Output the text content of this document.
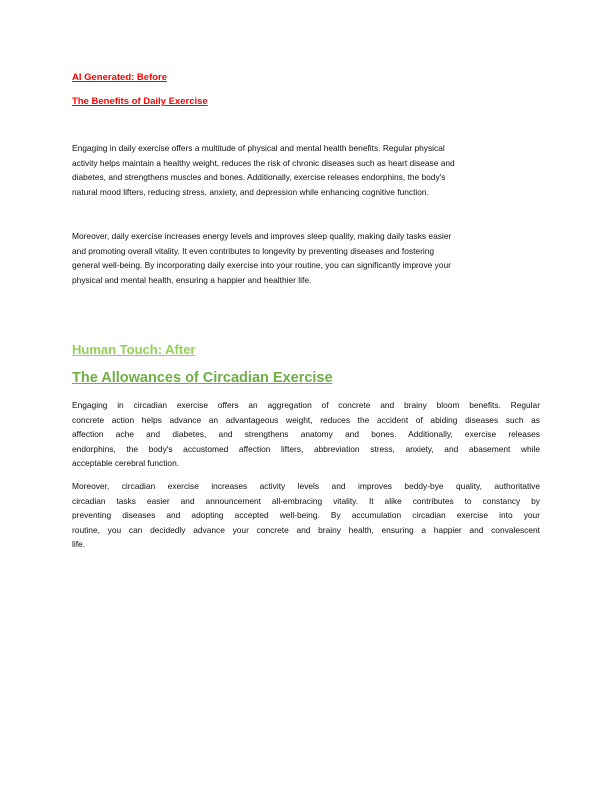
AI Generated: Before
The Benefits of Daily Exercise
Engaging in daily exercise offers a multitude of physical and mental health benefits. Regular physical
activity helps maintain a healthy weight, reduces the risk of chronic diseases such as heart disease and
diabetes, and strengthens muscles and bones. Additionally, exercise releases endorphins, the body's
natural mood lifters, reducing stress, anxiety, and depression while enhancing cognitive function.
Moreover, daily exercise increases energy levels and improves sleep quality, making daily tasks easier
and promoting overall vitality. It even contributes to longevity by preventing diseases and fostering
general well-being. By incorporating daily exercise into your routine, you can significantly improve your
physical and mental health, ensuring a happier and healthier life.
Human Touch: After
The Allowances of Circadian Exercise
Engaging in circadian exercise offers an aggregation of concrete and brainy bloom benefits. Regular
concrete action helps advance an advantageous weight, reduces the accident of abiding diseases such as
affection ache and diabetes, and strengthens anatomy and bones. Additionally, exercise releases
endorphins, the body's accustomed affection lifters, abbreviation stress, anxiety, and abasement while
acceptable cerebral function.
Moreover, circadian exercise increases activity levels and improves beddy-bye quality, authoritative
circadian tasks easier and announcement all-embracing vitality. It alike contributes to constancy by
preventing diseases and adopting accepted well-being. By accumulation circadian exercise into your
routine, you can decidedly advance your concrete and brainy health, ensuring a happier and convalescent
life.
